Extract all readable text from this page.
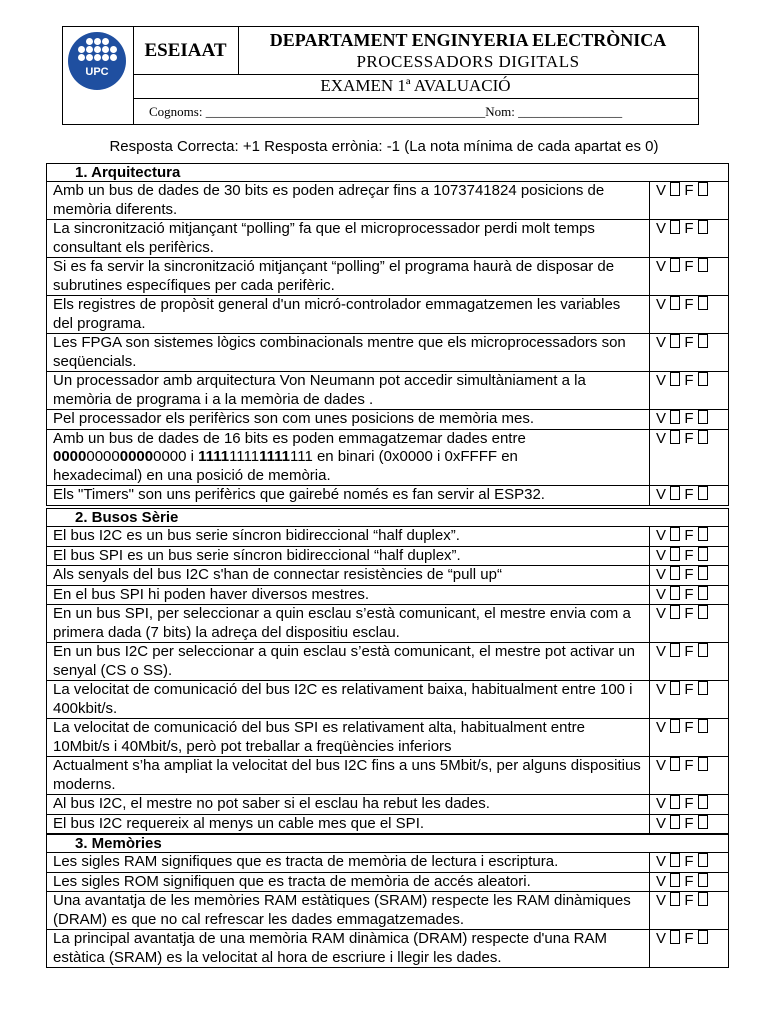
UPC
ESEIAAT	DEPARTAMENT ENGINYERIA ELECTRÒNICA
PROCESSADORS DIGITALS
EXAMEN 1ª AVALUACIÓ
Cognoms: ___________________________________________Nom: ________________
Resposta Correcta: +1 Resposta errònia: -1 (La nota mínima de cada apartat es 0)
1. Arquitectura	
Amb un bus de dades de 30 bits es poden adreçar fins a 1073741824 posicions de memòria diferents.	V F
La sincronització mitjançant “polling” fa que el microprocessador perdi molt temps consultant els perifèrics.	V F
Si es fa servir la sincronització mitjançant “polling” el programa haurà de disposar de subrutines específiques per cada perifèric.	V F
Els registres de propòsit general d'un micró-controlador emmagatzemen les variables del programa.	V F
Les FPGA son sistemes lògics combinacionals mentre que els microprocessadors son seqüencials.	V F
Un processador amb arquitectura Von Neumann pot accedir simultàniament a la memòria de programa i a la memòria de dades .	V F
Pel processador els perifèrics son com unes posicions de memòria mes.	V F
Amb un bus de dades de 16 bits es poden emmagatzemar dades entre
0000000000000000 i 111111111111111 en binari (0x0000 i 0xFFFF en
hexadecimal) en una posició de memòria.	V F
Els "Timers" son uns perifèrics que gairebé només es fan servir al ESP32.	V F
2. Busos Sèrie	
El bus I2C es un bus serie síncron bidireccional “half duplex”.	V F
El bus SPI es un bus serie síncron bidireccional “half duplex”.	V F
Als senyals del bus I2C s'han de connectar resistències de “pull up“	V F
En el bus SPI hi poden haver diversos mestres.	V F
En un bus SPI, per seleccionar a quin esclau s’està comunicant, el mestre envia com a primera dada (7 bits) la adreça del dispositiu esclau.	V F
En un bus I2C per seleccionar a quin esclau s’està comunicant, el mestre pot activar un senyal (CS o SS).	V F
La velocitat de comunicació del bus I2C es relativament baixa, habitualment entre 100 i 400kbit/s.	V F
La velocitat de comunicació del bus SPI es relativament alta, habitualment entre 10Mbit/s i 40Mbit/s, però pot treballar a freqüències inferiors	V F
Actualment s’ha ampliat la velocitat del bus I2C fins a uns 5Mbit/s, per alguns dispositius moderns.	V F
Al bus I2C, el mestre no pot saber si el esclau ha rebut les dades.	V F
El bus I2C requereix al menys un cable mes que el SPI.	V F
3. Memòries	
Les sigles RAM signifiques que es tracta de memòria de lectura i escriptura.	V F
Les sigles ROM signifiquen que es tracta de memòria de accés aleatori.	V F
Una avantatja de les memòries RAM estàtiques (SRAM) respecte les RAM dinàmiques (DRAM) es que no cal refrescar les dades emmagatzemades.	V F
La principal avantatja de una memòria RAM dinàmica (DRAM) respecte d'una RAM estàtica (SRAM) es la velocitat al hora de escriure i llegir les dades.	V F
